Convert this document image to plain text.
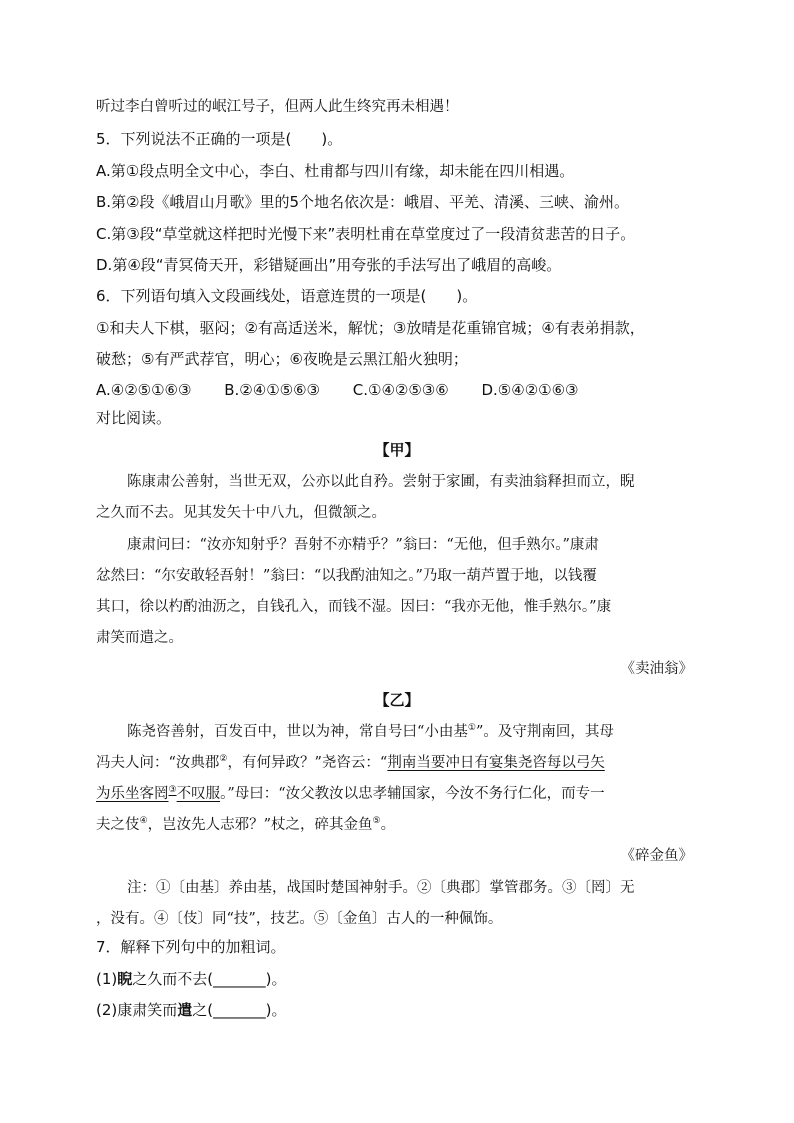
听过李白曾听过的岷江号子，但两人此生终究再未相遇！
5．下列说法不正确的一项是(　　)。
A.第①段点明全文中心，李白、杜甫都与四川有缘，却未能在四川相遇。
B.第②段《峨眉山月歌》里的5个地名依次是：峨眉、平羌、清溪、三峡、渝州。
C.第③段“草堂就这样把时光慢下来”表明杜甫在草堂度过了一段清贫悲苦的日子。
D.第④段“青冥倚天开，彩错疑画出”用夸张的手法写出了峨眉的高峻。
6．下列语句填入文段画线处，语意连贯的一项是(　　)。
①和夫人下棋，驱闷；②有高适送米，解忧；③放晴是花重锦官城；④有表弟捐款，
破愁；⑤有严武荐官，明心；⑥夜晚是云黑江船火独明；
A.④②⑤①⑥③ B.②④①⑤⑥③ C.①④②⑤③⑥ D.⑤④②①⑥③
对比阅读。
【甲】
陈康肃公善射，当世无双，公亦以此自矜。尝射于家圃，有卖油翁释担而立，睨
之久而不去。见其发矢十中八九，但微颔之。
康肃问曰：“汝亦知射乎？吾射不亦精乎？”翁曰：“无他，但手熟尔。”康肃
忿然曰：“尔安敢轻吾射！”翁曰：“以我酌油知之。”乃取一葫芦置于地，以钱覆
其口，徐以杓酌油沥之，自钱孔入，而钱不湿。因曰：“我亦无他，惟手熟尔。”康
肃笑而遣之。
《卖油翁》
【乙】
陈尧咨善射，百发百中，世以为神，常自号曰“小由基①”。及守荆南回，其母
冯夫人问：“汝典郡②，有何异政？”尧咨云：“荆南当要冲日有宴集尧咨每以弓矢
为乐坐客罔③不叹服。”母曰：“汝父教汝以忠孝辅国家，今汝不务行仁化，而专一
夫之伎④，岂汝先人志邪？”杖之，碎其金鱼⑤。
《碎金鱼》
注：①〔由基〕养由基，战国时楚国神射手。②〔典郡〕掌管郡务。③〔罔〕无
，没有。④〔伎〕同“技”，技艺。⑤〔金鱼〕古人的一种佩饰。
7．解释下列句中的加粗词。
(1)睨之久而不去(_______)。
(2)康肃笑而遣之(_______)。
